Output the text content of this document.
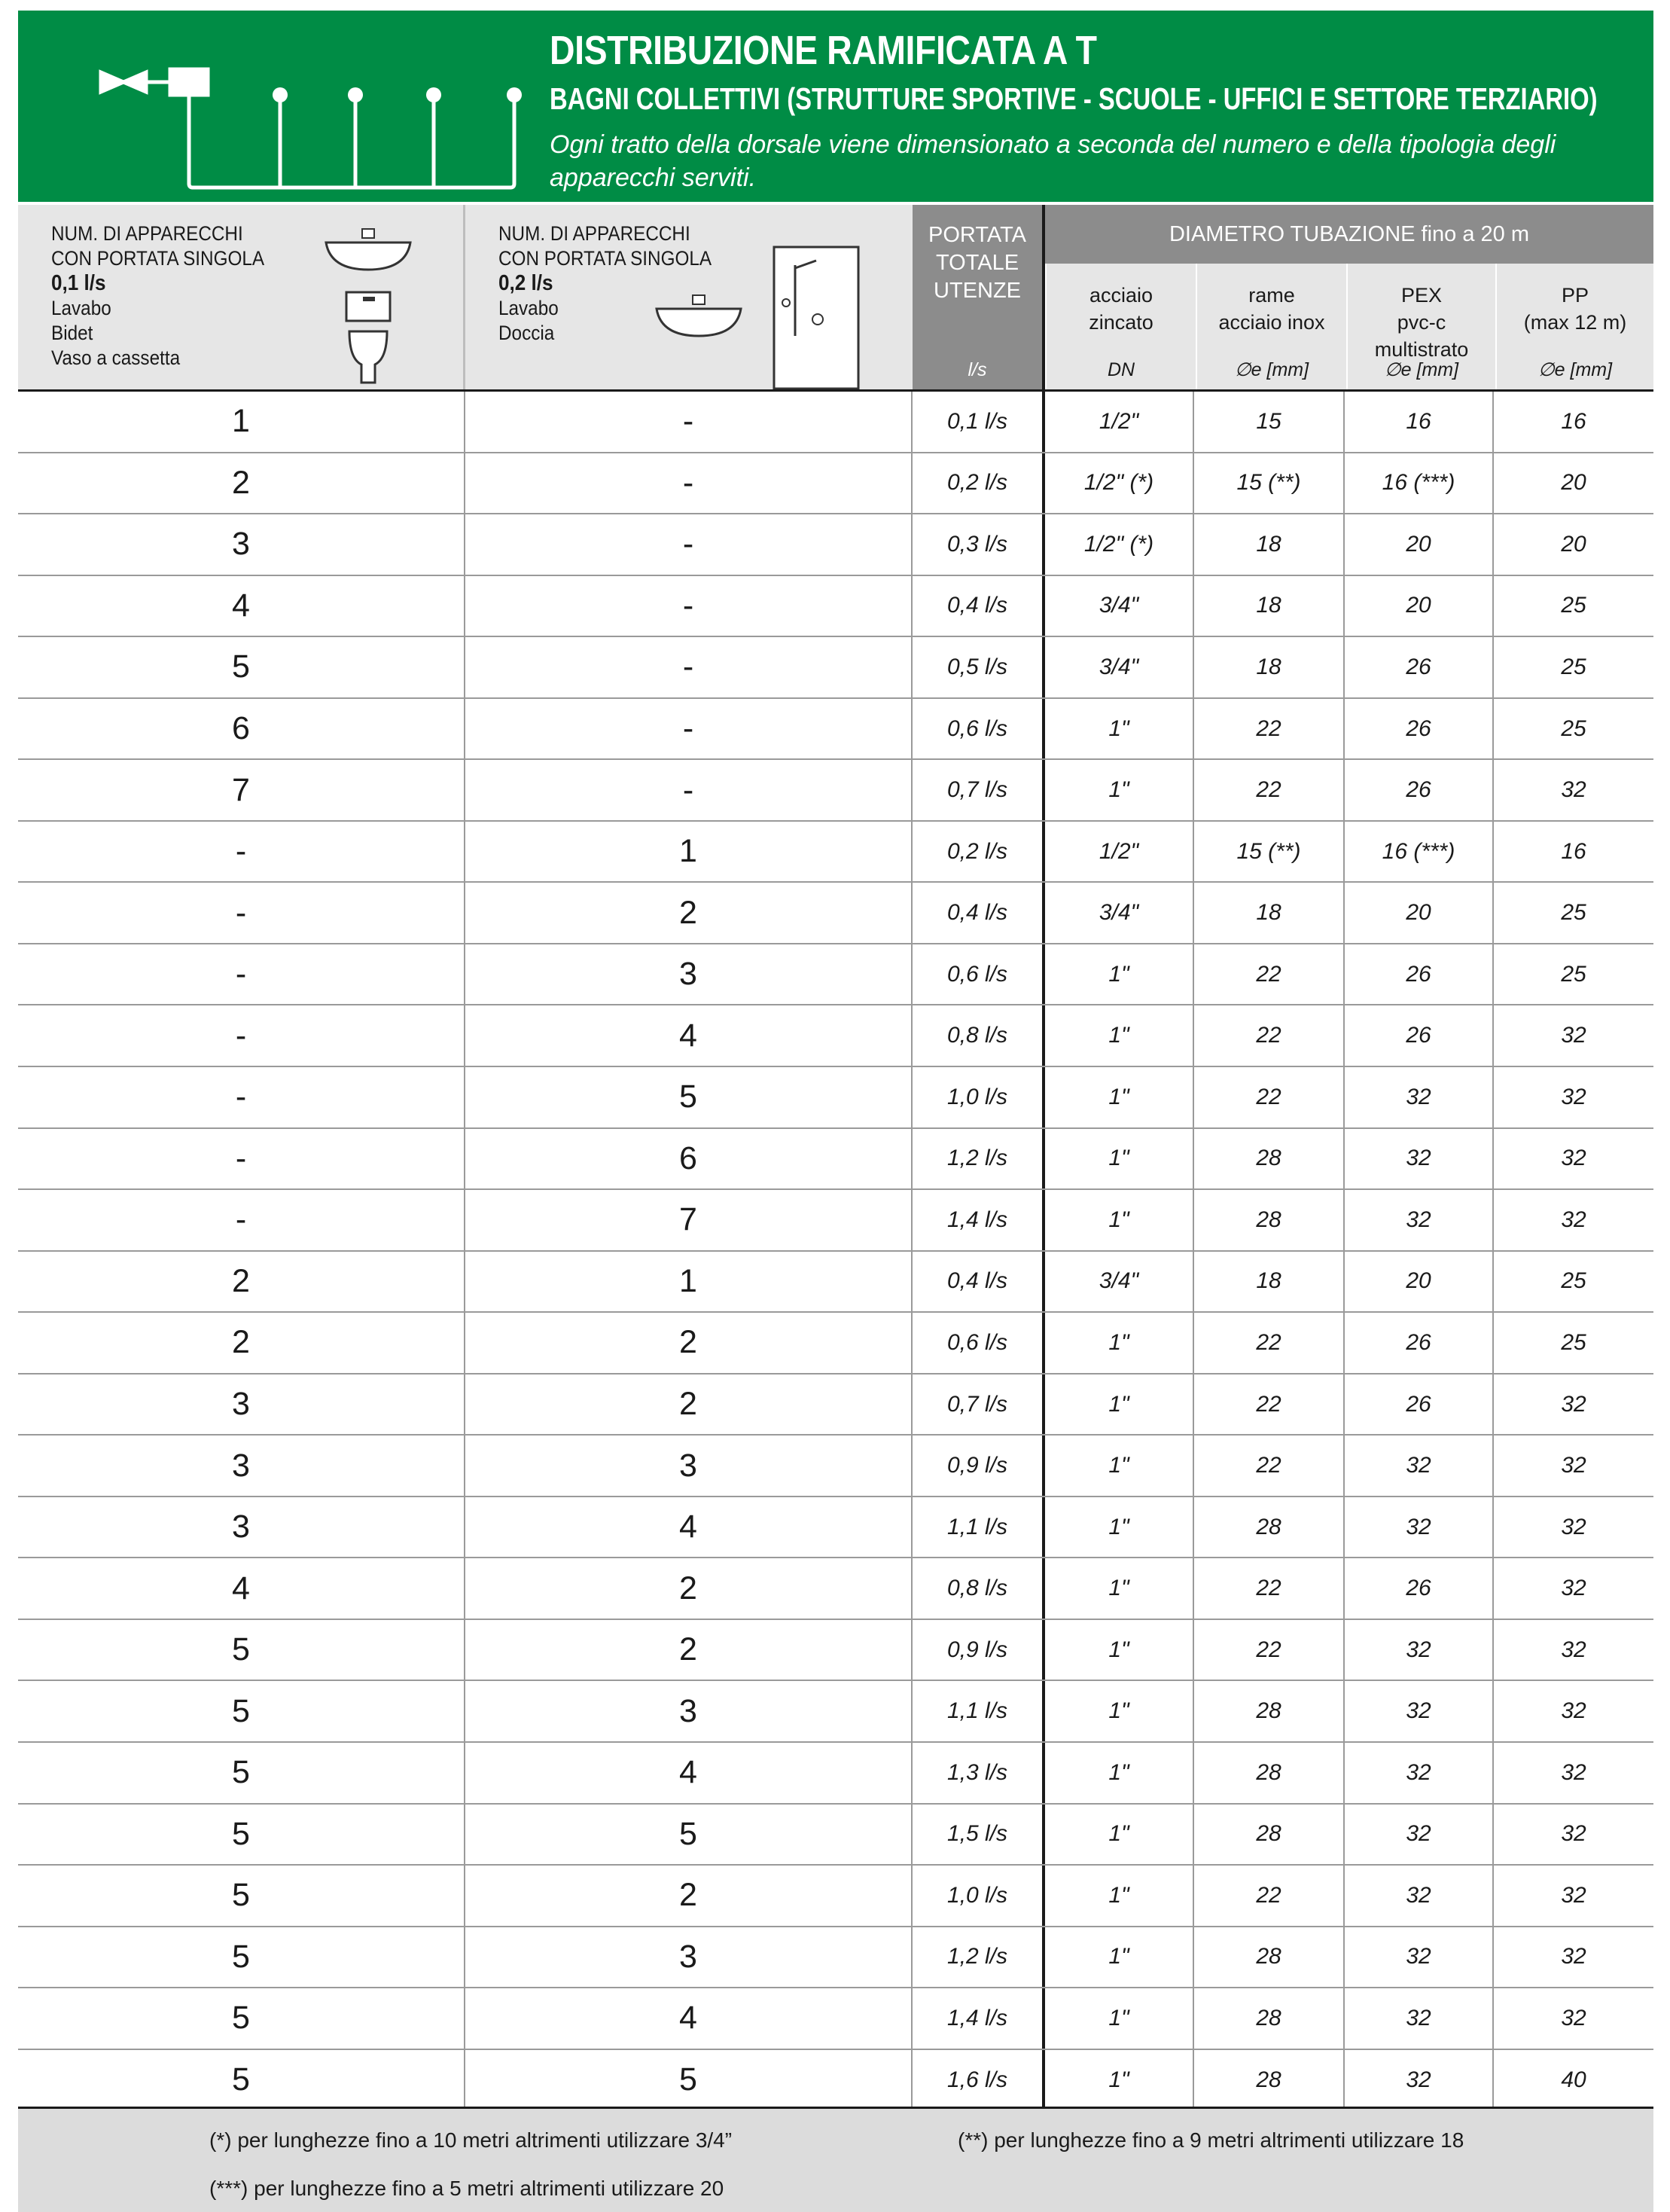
DISTRIBUZIONE RAMIFICATA A T
BAGNI COLLETTIVI (STRUTTURE SPORTIVE - SCUOLE - UFFICI E SETTORE TERZIARIO)
Ogni tratto della dorsale viene dimensionato a seconda del numero e della tipologia degli apparecchi serviti.
NUM. DI APPARECCHI
CON PORTATA SINGOLA
0,1 l/s
Lavabo
Bidet
Vaso a cassetta
NUM. DI APPARECCHI
CON PORTATA SINGOLA
0,2 l/s
Lavabo
Doccia
PORTATA
TOTALE
UTENZE
l/s
DIAMETRO TUBAZIONE fino a 20 m
acciaio
zincato
DN
rame
acciaio inox
∅e [mm]
PEX
pvc-c
multistrato
∅e [mm]
PP
(max 12 m)
∅e [mm]
1	-	0,1 l/s	1/2"	15	16	16
2	-	0,2 l/s	1/2" (*)	15 (**)	16 (***)	20
3	-	0,3 l/s	1/2" (*)	18	20	20
4	-	0,4 l/s	3/4"	18	20	25
5	-	0,5 l/s	3/4"	18	26	25
6	-	0,6 l/s	1"	22	26	25
7	-	0,7 l/s	1"	22	26	32
-	1	0,2 l/s	1/2"	15 (**)	16 (***)	16
-	2	0,4 l/s	3/4"	18	20	25
-	3	0,6 l/s	1"	22	26	25
-	4	0,8 l/s	1"	22	26	32
-	5	1,0 l/s	1"	22	32	32
-	6	1,2 l/s	1"	28	32	32
-	7	1,4 l/s	1"	28	32	32
2	1	0,4 l/s	3/4"	18	20	25
2	2	0,6 l/s	1"	22	26	25
3	2	0,7 l/s	1"	22	26	32
3	3	0,9 l/s	1"	22	32	32
3	4	1,1 l/s	1"	28	32	32
4	2	0,8 l/s	1"	22	26	32
5	2	0,9 l/s	1"	22	32	32
5	3	1,1 l/s	1"	28	32	32
5	4	1,3 l/s	1"	28	32	32
5	5	1,5 l/s	1"	28	32	32
5	2	1,0 l/s	1"	22	32	32
5	3	1,2 l/s	1"	28	32	32
5	4	1,4 l/s	1"	28	32	32
5	5	1,6 l/s	1"	28	32	40
(*) per lunghezze fino a 10 metri altrimenti utilizzare 3/4”	(**) per lunghezze fino a 9 metri altrimenti utilizzare 18
(***) per lunghezze fino a 5 metri altrimenti utilizzare 20
